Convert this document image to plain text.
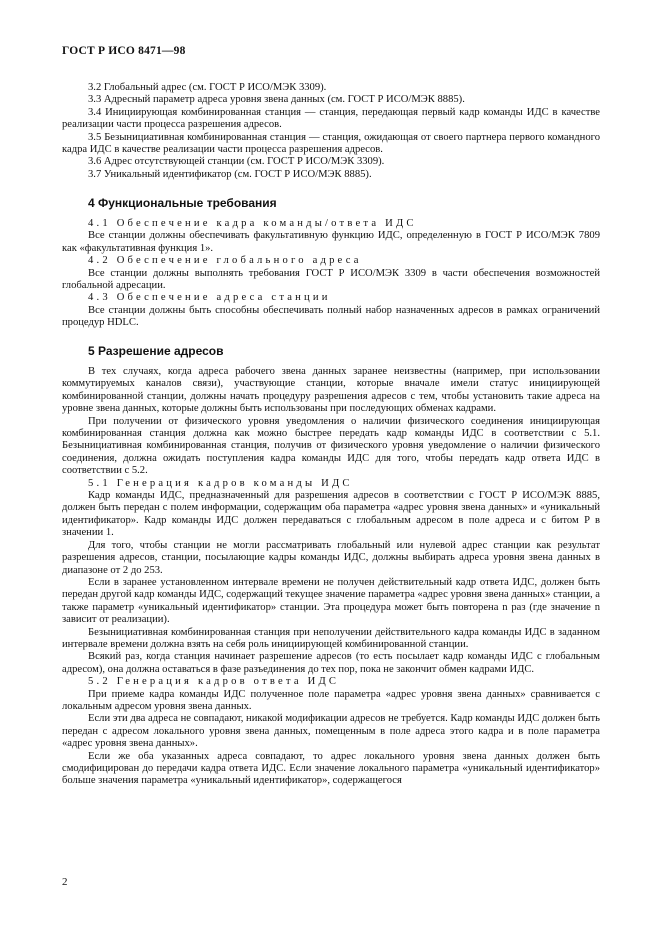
ГОСТ Р ИСО 8471—98

3.2 Глобальный адрес (см. ГОСТ Р ИСО/МЭК 3309).

3.3 Адресный параметр адреса уровня звена данных (см. ГОСТ Р ИСО/МЭК 8885).

3.4 Инициирующая комбинированная станция — станция, передающая первый кадр команды ИДС в качестве реализации части процесса разрешения адресов.

3.5 Безынициативная комбинированная станция — станция, ожидающая от своего партнера первого командного кадра ИДС в качестве реализации части процесса разрешения адресов.

3.6 Адрес отсутствующей станции (см. ГОСТ Р ИСО/МЭК 3309).

3.7 Уникальный идентификатор (см. ГОСТ Р ИСО/МЭК 8885).

4 Функциональные требования

4.1 Обеспечение кадра команды/ответа ИДС

Все станции должны обеспечивать факультативную функцию ИДС, определенную в ГОСТ Р ИСО/МЭК 7809 как «факультативная функция 1».

4.2 Обеспечение глобального адреса

Все станции должны выполнять требования ГОСТ Р ИСО/МЭК 3309 в части обеспечения возможностей глобальной адресации.

4.3 Обеспечение адреса станции

Все станции должны быть способны обеспечивать полный набор назначенных адресов в рамках ограничений процедур HDLC.

5 Разрешение адресов

В тех случаях, когда адреса рабочего звена данных заранее неизвестны (например, при использовании коммутируемых каналов связи), участвующие станции, которые вначале имели статус инициирующей комбинированной станции, должны начать процедуру разрешения адресов с тем, чтобы установить такие адреса на уровне звена данных, которые должны быть использованы при последующих обменах кадрами.

При получении от физического уровня уведомления о наличии физического соединения инициирующая комбинированная станция должна как можно быстрее передать кадр команды ИДС в соответствии с 5.1. Безынициативная комбинированная станция, получив от физического уровня уведомление о наличии физического соединения, должна ожидать поступления кадра команды ИДС для того, чтобы передать кадр ответа ИДС в соответствии с 5.2.

5.1 Генерация кадров команды ИДС

Кадр команды ИДС, предназначенный для разрешения адресов в соответствии с ГОСТ Р ИСО/МЭК 8885, должен быть передан с полем информации, содержащим оба параметра «адрес уровня звена данных» и «уникальный идентификатор». Кадр команды ИДС должен передаваться с глобальным адресом в поле адреса и с битом P в значении 1.

Для того, чтобы станции не могли рассматривать глобальный или нулевой адрес станции как результат разрешения адресов, станции, посылающие кадры команды ИДС, должны выбирать адреса уровня звена данных в диапазоне от 2 до 253.

Если в заранее установленном интервале времени не получен действительный кадр ответа ИДС, должен быть передан другой кадр команды ИДС, содержащий текущее значение параметра «адрес уровня звена данных» станции, а также параметр «уникальный идентификатор» станции. Эта процедура может быть повторена n раз (где значение n зависит от реализации).

Безынициативная комбинированная станция при неполучении действительного кадра команды ИДС в заданном интервале времени должна взять на себя роль инициирующей комбинированной станции.

Всякий раз, когда станция начинает разрешение адресов (то есть посылает кадр команды ИДС с глобальным адресом), она должна оставаться в фазе разъединения до тех пор, пока не закончит обмен кадрами ИДС.

5.2 Генерация кадров ответа ИДС

При приеме кадра команды ИДС полученное поле параметра «адрес уровня звена данных» сравнивается с локальным адресом уровня звена данных.

Если эти два адреса не совпадают, никакой модификации адресов не требуется. Кадр команды ИДС должен быть передан с адресом локального уровня звена данных, помещенным в поле адреса этого кадра и в поле параметра «адрес уровня звена данных».

Если же оба указанных адреса совпадают, то адрес локального уровня звена данных должен быть смодифицирован до передачи кадра ответа ИДС. Если значение локального параметра «уникальный идентификатор» больше значения параметра «уникальный идентификатор», содержащегося

2
